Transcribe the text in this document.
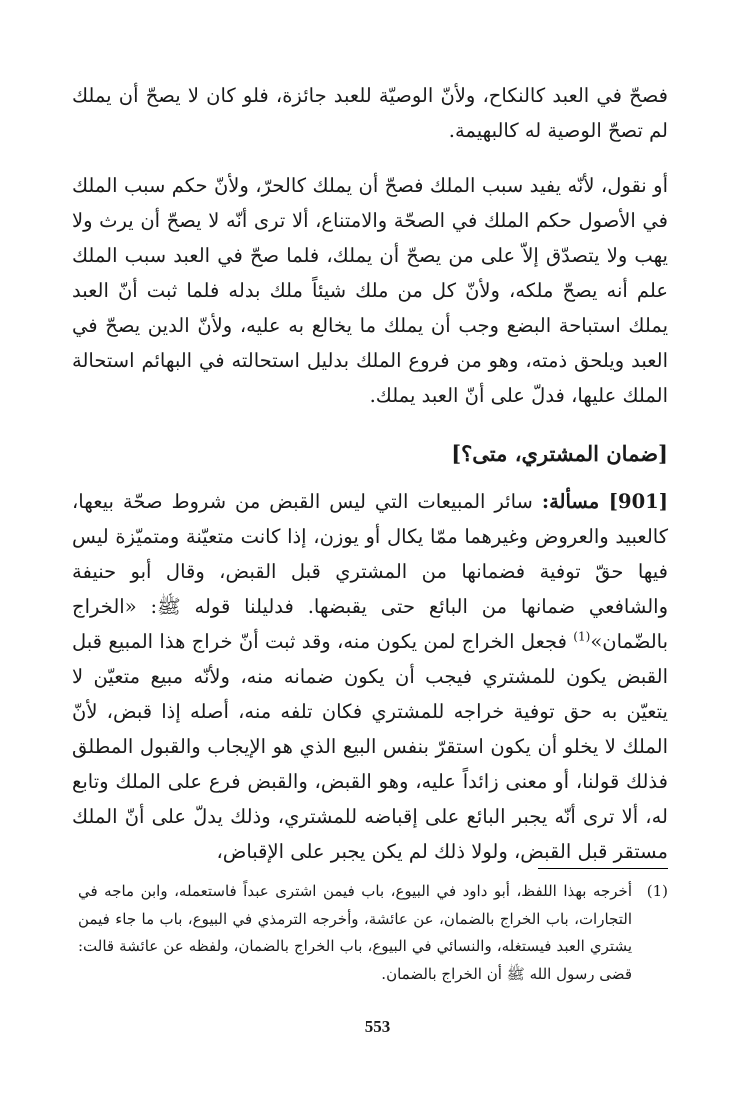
فصحّ في العبد كالنكاح، ولأنّ الوصيّة للعبد جائزة، فلو كان لا يصحّ أن يملك لم تصحّ الوصية له كالبهيمة.

أو نقول، لأنّه يفيد سبب الملك فصحّ أن يملك كالحرّ، ولأنّ حكم سبب الملك في الأصول حكم الملك في الصحّة والامتناع، ألا ترى أنّه لا يصحّ أن يرث ولا يهب ولا يتصدّق إلاّ على من يصحّ أن يملك، فلما صحّ في العبد سبب الملك علم أنه يصحّ ملكه، ولأنّ كل من ملك شيئاً ملك بدله فلما ثبت أنّ العبد يملك استباحة البضع وجب أن يملك ما يخالع به عليه، ولأنّ الدين يصحّ في العبد ويلحق ذمته، وهو من فروع الملك بدليل استحالته في البهائم استحالة الملك عليها، فدلّ على أنّ العبد يملك.

[ضمان المشتري، متى؟]

[901] مسألة: سائر المبيعات التي ليس القبض من شروط صحّة بيعها، كالعبيد والعروض وغيرهما ممّا يكال أو يوزن، إذا كانت متعيّنة ومتميّزة ليس فيها حقّ توفية فضمانها من المشتري قبل القبض، وقال أبو حنيفة والشافعي ضمانها من البائع حتى يقبضها. فدليلنا قوله ﷺ: «الخراج بالضّمان»$^{(1)}$ فجعل الخراج لمن يكون منه، وقد ثبت أنّ خراج هذا المبيع قبل القبض يكون للمشتري فيجب أن يكون ضمانه منه، ولأنّه مبيع متعيّن لا يتعيّن به حق توفية خراجه للمشتري فكان تلفه منه، أصله إذا قبض، لأنّ الملك لا يخلو أن يكون استقرّ بنفس البيع الذي هو الإيجاب والقبول المطلق فذلك قولنا، أو معنى زائداً عليه، وهو القبض، والقبض فرع على الملك وتابع له، ألا ترى أنّه يجبر البائع على إقباضه للمشتري، وذلك يدلّ على أنّ الملك مستقر قبل القبض، ولولا ذلك لم يكن يجبر على الإقباض،

(1)
أخرجه بهذا اللفظ، أبو داود في البيوع، باب فيمن اشترى عبداً فاستعمله، وابن ماجه في التجارات، باب الخراج بالضمان، عن عائشة، وأخرجه الترمذي في البيوع، باب ما جاء فيمن يشتري العبد فيستغله، والنسائي في البيوع، باب الخراج بالضمان، ولفظه عن عائشة قالت: قضى رسول الله ﷺ أن الخراج بالضمان.
553
